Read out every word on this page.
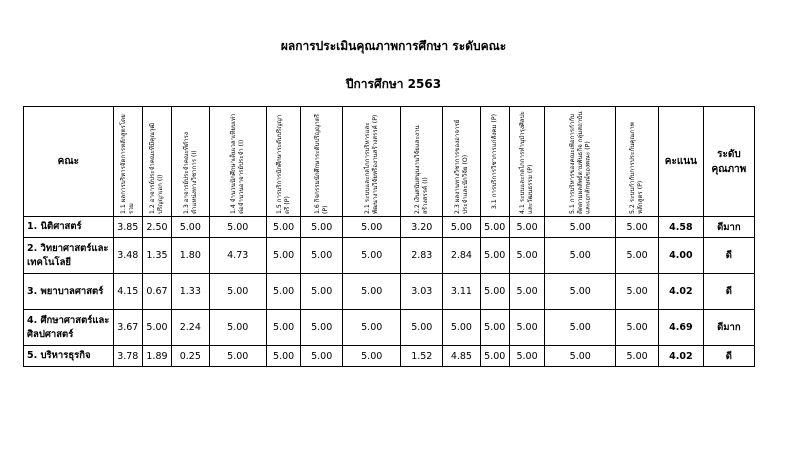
ผลการประเมินคุณภาพการศึกษา ระดับคณะ
ปีการศึกษา 2563
คณะ	1.1 ผลการบริหารจัดการหลักสูตรโดยรวม	1.2 อาจารย์ประจำคณะที่มีคุณวุฒิปริญญาเอก (I)	1.3 อาจารย์ประจำคณะที่ดำรงตำแหน่งทางวิชาการ (I)	1.4 จำนวนนักศึกษาเต็มเวลาเทียบเท่าต่อจำนวนอาจารย์ประจำ (I)	1.5 การบริการนักศึกษาระดับปริญญาตรี (P)	1.6 กิจกรรมนักศึกษาระดับปริญญาตรี (P)	2.1 ระบบและกลไกการบริหารและพัฒนางานวิจัยหรืองานสร้างสรรค์ (P)	2.2 เงินสนับสนุนงานวิจัยและงานสร้างสรรค์ (I)	2.3 ผลงานทางวิชาการของอาจารย์ประจำและนักวิจัย (O)	3.1 การบริการวิชาการแก่สังคม (P)	4.1 ระบบและกลไกการทำนุบำรุงศิลปะและวัฒนธรรม (P)	5.1 การบริหารของคณะเพื่อการกำกับติดตามผลลัพธ์ตามพันธกิจ กลุ่มสถาบัน และเอกลักษณ์ของคณะ (P)	5.2 ระบบกำกับการประกันคุณภาพหลักสูตร (P)	คะแนน	ระดับคุณภาพ
1. นิติศาสตร์	3.85	2.50	5.00	5.00	5.00	5.00	5.00	3.20	5.00	5.00	5.00	5.00	5.00	4.58	ดีมาก
2. วิทยาศาสตร์และเทคโนโลยี	3.48	1.35	1.80	4.73	5.00	5.00	5.00	2.83	2.84	5.00	5.00	5.00	5.00	4.00	ดี
3. พยาบาลศาสตร์	4.15	0.67	1.33	5.00	5.00	5.00	5.00	3.03	3.11	5.00	5.00	5.00	5.00	4.02	ดี
4. ศึกษาศาสตร์และศิลปศาสตร์	3.67	5.00	2.24	5.00	5.00	5.00	5.00	5.00	5.00	5.00	5.00	5.00	5.00	4.69	ดีมาก
5. บริหารธุรกิจ	3.78	1.89	0.25	5.00	5.00	5.00	5.00	1.52	4.85	5.00	5.00	5.00	5.00	4.02	ดี
